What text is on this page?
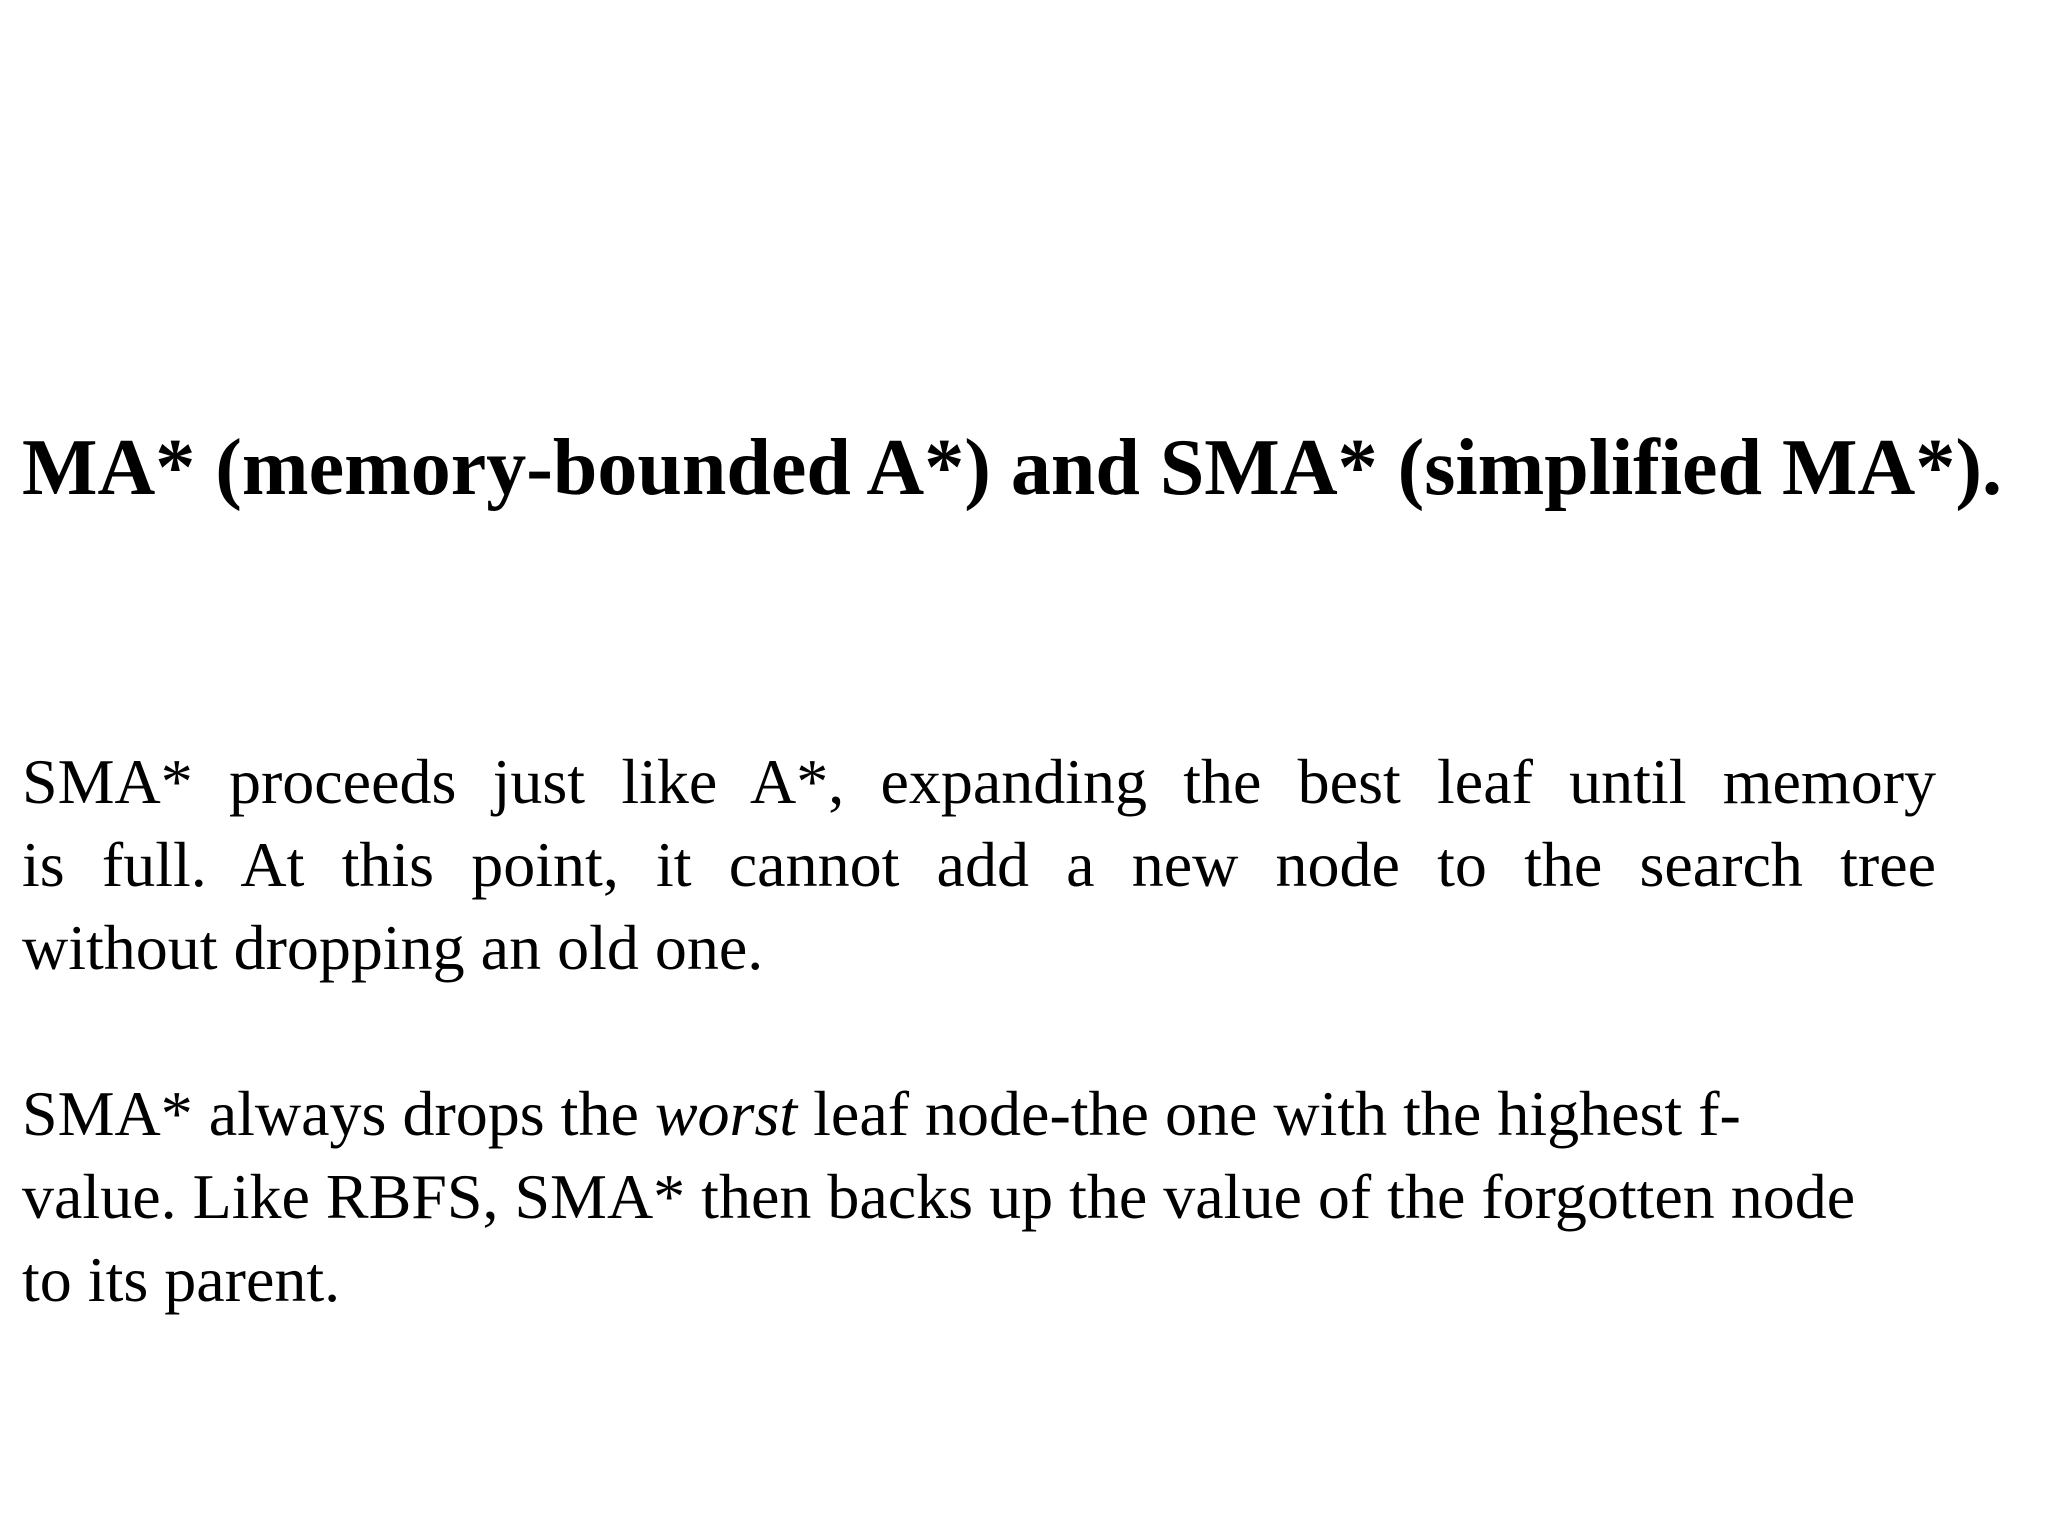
MA* (memory-bounded A*) and SMA* (simplified MA*).
SMA* proceeds just like A*, expanding the best leaf until memory
is full. At this point, it cannot add a new node to the search tree
without dropping an old one.
SMA* always drops the worst leaf node-the one with the highest f-
value. Like RBFS, SMA* then backs up the value of the forgotten node
to its parent.
